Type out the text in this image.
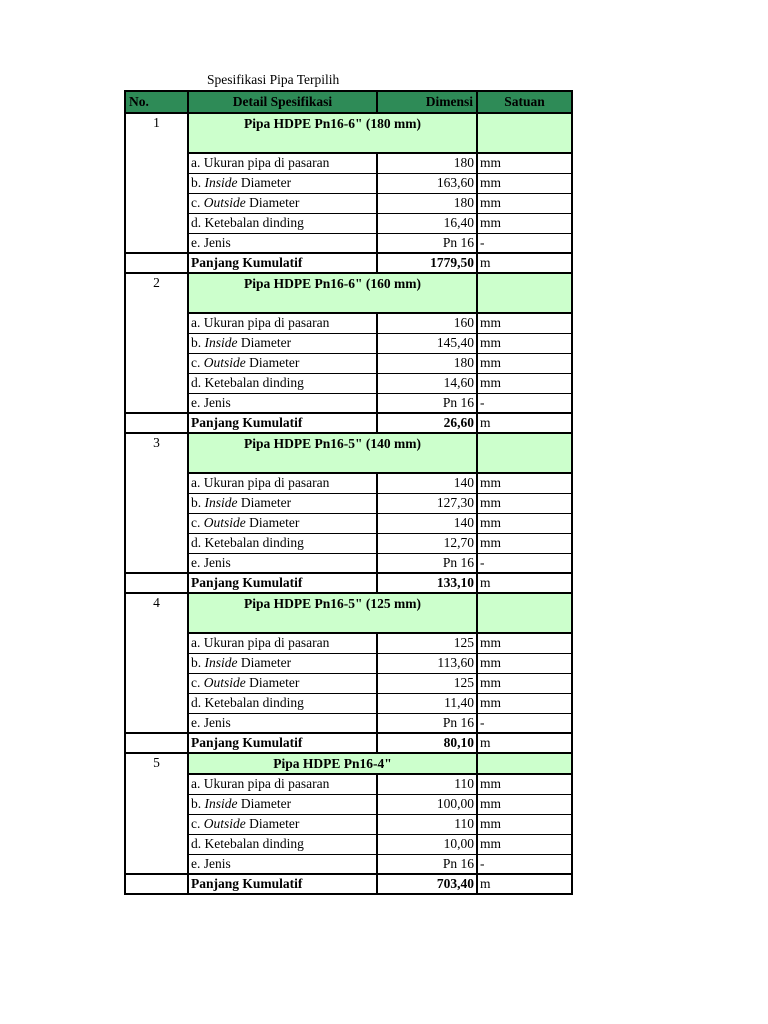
Spesifikasi Pipa Terpilih
No.	Detail Spesifikasi	Dimensi	Satuan
1	Pipa HDPE Pn16-6" (180 mm)		
	a. Ukuran pipa di pasaran	180	mm
	b. Inside Diameter	163,60	mm
	c. Outside Diameter	180	mm
	d. Ketebalan dinding	16,40	mm
	e. Jenis	Pn 16	-
	Panjang Kumulatif	1779,50	m
2	Pipa HDPE Pn16-6" (160 mm)		
	a. Ukuran pipa di pasaran	160	mm
	b. Inside Diameter	145,40	mm
	c. Outside Diameter	180	mm
	d. Ketebalan dinding	14,60	mm
	e. Jenis	Pn 16	-
	Panjang Kumulatif	26,60	m
3	Pipa HDPE Pn16-5" (140 mm)		
	a. Ukuran pipa di pasaran	140	mm
	b. Inside Diameter	127,30	mm
	c. Outside Diameter	140	mm
	d. Ketebalan dinding	12,70	mm
	e. Jenis	Pn 16	-
	Panjang Kumulatif	133,10	m
4	Pipa HDPE Pn16-5" (125 mm)		
	a. Ukuran pipa di pasaran	125	mm
	b. Inside Diameter	113,60	mm
	c. Outside Diameter	125	mm
	d. Ketebalan dinding	11,40	mm
	e. Jenis	Pn 16	-
	Panjang Kumulatif	80,10	m
5	Pipa HDPE Pn16-4"		
	a. Ukuran pipa di pasaran	110	mm
	b. Inside Diameter	100,00	mm
	c. Outside Diameter	110	mm
	d. Ketebalan dinding	10,00	mm
	e. Jenis	Pn 16	-
	Panjang Kumulatif	703,40	m
